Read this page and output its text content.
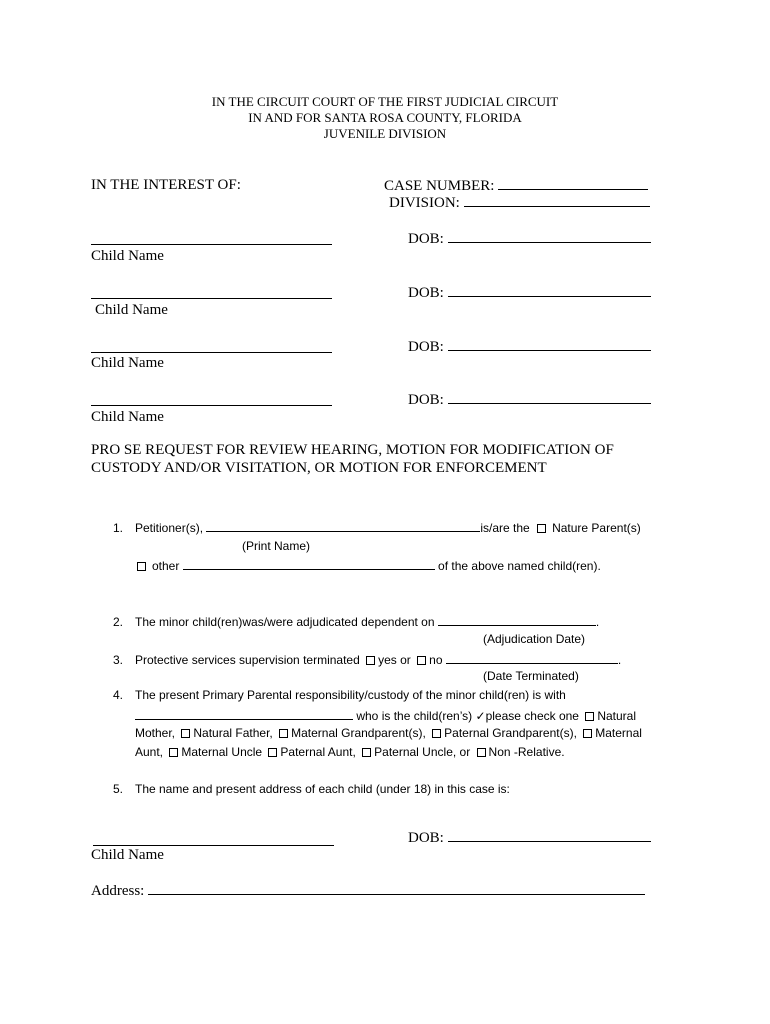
IN THE CIRCUIT COURT OF THE FIRST JUDICIAL CIRCUIT
IN AND FOR SANTA ROSA COUNTY, FLORIDA
JUVENILE DIVISION
IN THE INTEREST OF:	CASE NUMBER:
DIVISION:
Child Name
DOB:
Child Name
DOB:
Child Name
DOB:
Child Name
DOB:
PRO SE REQUEST FOR REVIEW HEARING, MOTION FOR MODIFICATION OF
CUSTODY AND/OR VISITATION, OR MOTION FOR ENFORCEMENT
1. Petitioner(s),	is/are the Nature Parent(s)
(Print Name)
other	of the above named child(ren).
2. The minor child(ren)was/were adjudicated dependent on	.
(Adjudication Date)
3. Protective services supervision terminated yes or no	.
(Date Terminated)
4. The present Primary Parental responsibility/custody of the minor child(ren) is with
who is the child(ren’s) ✓please check one Natural
Mother, Natural Father, Maternal Grandparent(s), Paternal Grandparent(s), Maternal
Aunt, Maternal Uncle Paternal Aunt, Paternal Uncle, or Non -Relative.
5. The name and present address of each child (under 18) in this case is:
Child Name
DOB:
Address:
